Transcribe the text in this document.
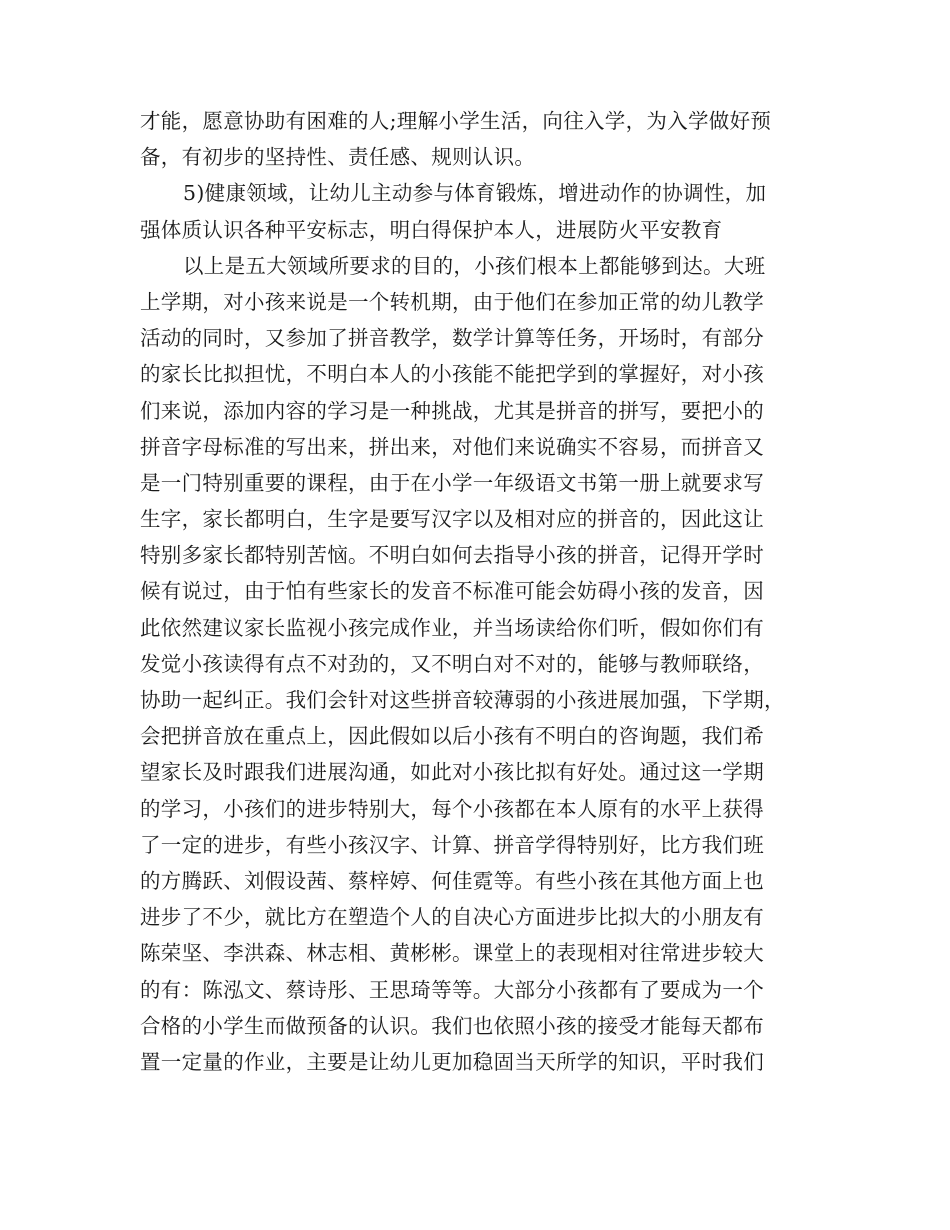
才能，愿意协助有困难的人;理解小学生活，向往入学，为入学做好预
备，有初步的坚持性、责任感、规则认识。
5)健康领域，让幼儿主动参与体育锻炼，增进动作的协调性，加
强体质认识各种平安标志，明白得保护本人，进展防火平安教育
以上是五大领域所要求的目的，小孩们根本上都能够到达。大班
上学期，对小孩来说是一个转机期，由于他们在参加正常的幼儿教学
活动的同时，又参加了拼音教学，数学计算等任务，开场时，有部分
的家长比拟担忧，不明白本人的小孩能不能把学到的掌握好，对小孩
们来说，添加内容的学习是一种挑战，尤其是拼音的拼写，要把小的
拼音字母标准的写出来，拼出来，对他们来说确实不容易，而拼音又
是一门特别重要的课程，由于在小学一年级语文书第一册上就要求写
生字，家长都明白，生字是要写汉字以及相对应的拼音的，因此这让
特别多家长都特别苦恼。不明白如何去指导小孩的拼音，记得开学时
候有说过，由于怕有些家长的发音不标准可能会妨碍小孩的发音，因
此依然建议家长监视小孩完成作业，并当场读给你们听，假如你们有
发觉小孩读得有点不对劲的，又不明白对不对的，能够与教师联络，
协助一起纠正。我们会针对这些拼音较薄弱的小孩进展加强，下学期，
会把拼音放在重点上，因此假如以后小孩有不明白的咨询题，我们希
望家长及时跟我们进展沟通，如此对小孩比拟有好处。通过这一学期
的学习，小孩们的进步特别大，每个小孩都在本人原有的水平上获得
了一定的进步，有些小孩汉字、计算、拼音学得特别好，比方我们班
的方腾跃、刘假设茜、蔡梓婷、何佳霓等。有些小孩在其他方面上也
进步了不少，就比方在塑造个人的自决心方面进步比拟大的小朋友有
陈荣坚、李洪森、林志相、黄彬彬。课堂上的表现相对往常进步较大
的有：陈泓文、蔡诗彤、王思琦等等。大部分小孩都有了要成为一个
合格的小学生而做预备的认识。我们也依照小孩的接受才能每天都布
置一定量的作业，主要是让幼儿更加稳固当天所学的知识，平时我们
